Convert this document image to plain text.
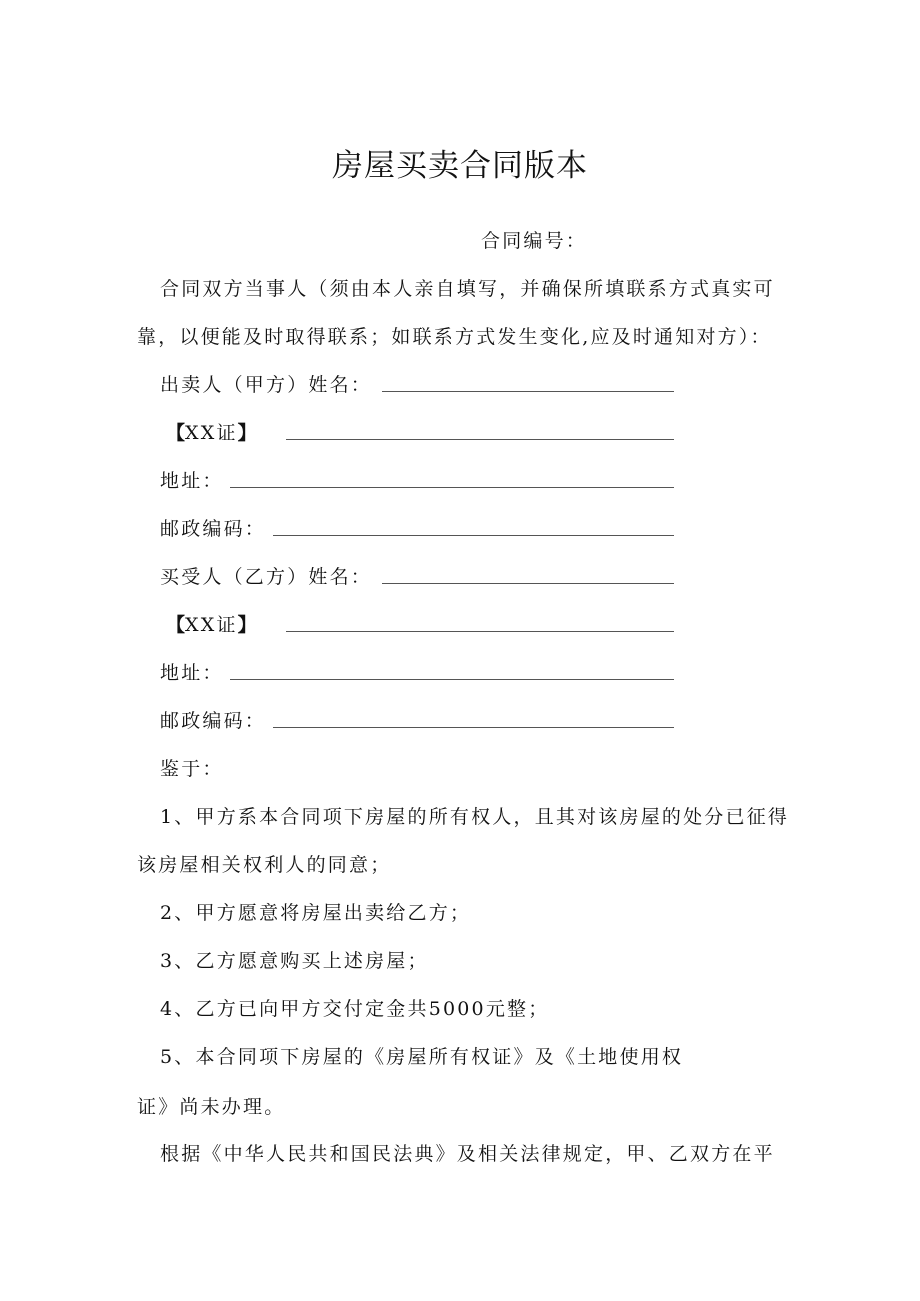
房屋买卖合同版本
合同编号：
合同双方当事人（须由本人亲自填写，并确保所填联系方式真实可
靠，以便能及时取得联系；如联系方式发生变化,应及时通知对方）：
出卖人（甲方）姓名：
【XX证】
地址：
邮政编码：
买受人（乙方）姓名：
【XX证】
地址：
邮政编码：
鉴于：
1、甲方系本合同项下房屋的所有权人，且其对该房屋的处分已征得
该房屋相关权利人的同意；
2、甲方愿意将房屋出卖给乙方；
3、乙方愿意购买上述房屋；
4、乙方已向甲方交付定金共5000元整；
5、本合同项下房屋的《房屋所有权证》及《土地使用权
证》尚未办理。
根据《中华人民共和国民法典》及相关法律规定，甲、乙双方在平
